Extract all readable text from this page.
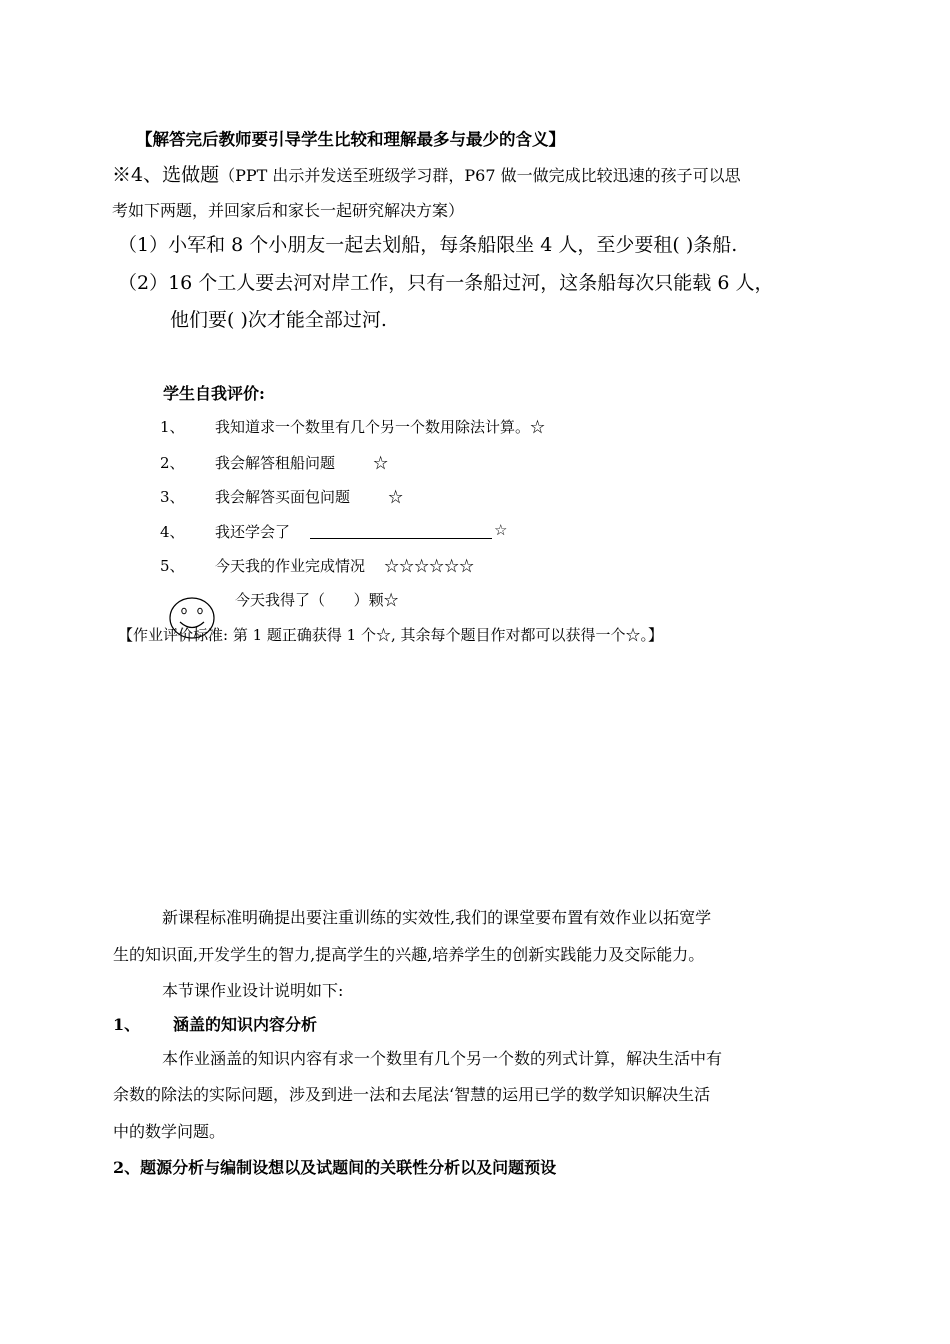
【解答完后教师要引导学生比较和理解最多与最少的含义】
※4、选做题（PPT 出示并发送至班级学习群，P67 做一做完成比较迅速的孩子可以思
考如下两题，并回家后和家长一起研究解决方案）
（1）小军和 8 个小朋友一起去划船，每条船限坐 4 人，至少要租( )条船.
（2）16 个工人要去河对岸工作，只有一条船过河，这条船每次只能载 6 人，
他们要( )次才能全部过河.
学生自我评价:
1、 我知道求一个数里有几个另一个数用除法计算。☆
2、 我会解答租船问题        ☆
3、 我会解答买面包问题        ☆
4、 我还学会了	☆
5、 今天我的作业完成情况    ☆☆☆☆☆☆
今天我得了（      ）颗☆
【作业评价标准: 第 1 题正确获得 1 个☆, 其余每个题目作对都可以获得一个☆。】
新课程标准明确提出要注重训练的实效性,我们的课堂要布置有效作业以拓宽学
生的知识面,开发学生的智力,提高学生的兴趣,培养学生的创新实践能力及交际能力。
本节课作业设计说明如下:
1、 涵盖的知识内容分析
本作业涵盖的知识内容有求一个数里有几个另一个数的列式计算，解决生活中有
余数的除法的实际问题，涉及到进一法和去尾法‘智慧的运用已学的数学知识解决生活
中的数学问题。
2、题源分析与编制设想以及试题间的关联性分析以及问题预设
